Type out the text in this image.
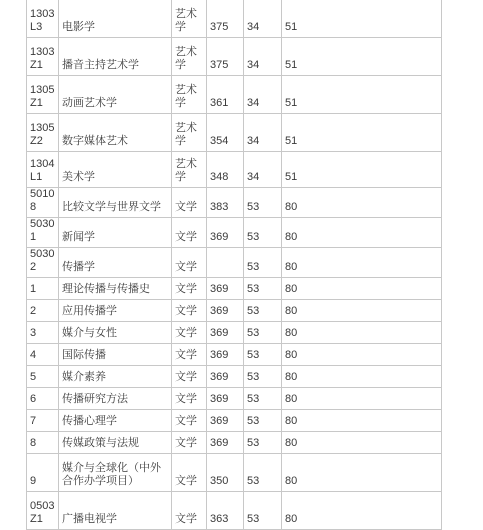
1303L3	电影学	艺术学	375	34	51
1303Z1	播音主持艺术学	艺术学	375	34	51
1305Z1	动画艺术学	艺术学	361	34	51
1305Z2	数字媒体艺术	艺术学	354	34	51
1304L1	美术学	艺术学	348	34	51
50108	比较文学与世界文学	文学	383	53	80
50301	新闻学	文学	369	53	80
50302	传播学	文学		53	80
1	理论传播与传播史	文学	369	53	80
2	应用传播学	文学	369	53	80
3	媒介与女性	文学	369	53	80
4	国际传播	文学	369	53	80
5	媒介素养	文学	369	53	80
6	传播研究方法	文学	369	53	80
7	传播心理学	文学	369	53	80
8	传媒政策与法规	文学	369	53	80
9	媒介与全球化（中外合作办学项目）	文学	350	53	80
0503Z1	广播电视学	文学	363	53	80
